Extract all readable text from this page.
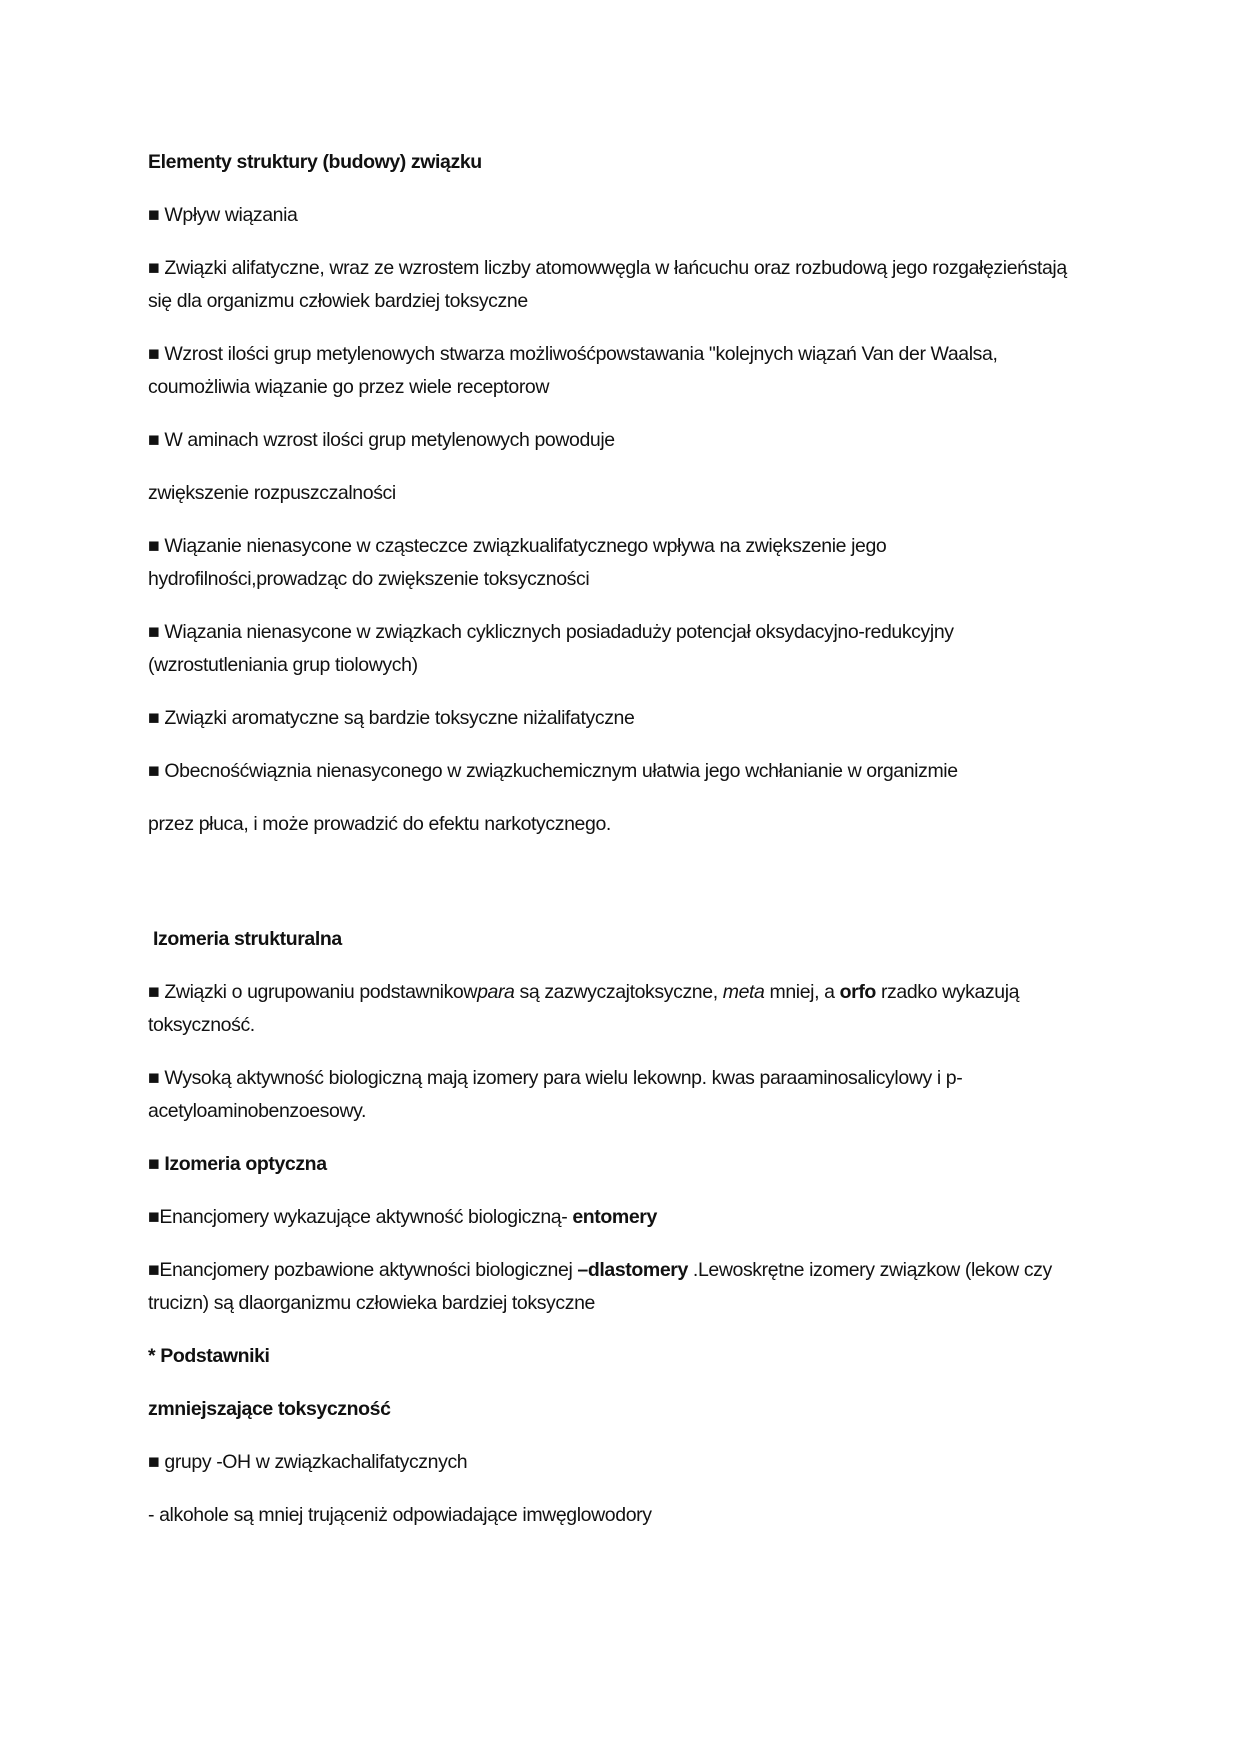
Elementy struktury (budowy) związku

■ Wpływ wiązania

■ Związki alifatyczne, wraz ze wzrostem liczby atomowwęgla w łańcuchu oraz rozbudową jego rozgałęzieństają się dla organizmu człowiek bardziej toksyczne

■ Wzrost ilości grup metylenowych stwarza możliwośćpowstawania "kolejnych wiązań Van der Waalsa, coumożliwia wiązanie go przez wiele receptorow

■ W aminach wzrost ilości grup metylenowych powoduje

zwiększenie rozpuszczalności

■ Wiązanie nienasycone w cząsteczce związkualifatycznego wpływa na zwiększenie jego hydrofilności,prowadząc do zwiększenie toksyczności

■ Wiązania nienasycone w związkach cyklicznych posiadadużу potencjał oksydacyjno-redukcyjny (wzrostutleniania grup tiolowych)

■ Związki aromatyczne są bardzie toksyczne niżalifatyczne

■ Obecnośćwiąznia nienasyconego w związkuchemicznym ułatwia jego wchłanianie w organizmie

przez płuca, i może prowadzić do efektu narkotycznego.

Izomeria strukturalna

■ Związki o ugrupowaniu podstawnikowpara są zazwyczajtoksyczne, meta mniej, a orfo rzadko wykazują toksyczność.

■ Wysoką aktywność biologiczną mają izomery para wielu lekownp. kwas paraaminosalicylowy i p-acetyloaminobenzoesowy.

■ Izomeria optyczna

■Enancjomery wykazujące aktywność biologiczną- entomery

■Enancjomery pozbawione aktywności biologicznej –dlastomery .Lewoskrętne izomery związkow (lekow czy trucizn) są dlaorganizmu człowieka bardziej toksyczne

* Podstawniki

zmniejszające toksyczność

■ grupy -OH w związkachalifatycznych

- alkohole są mniej trującеniż odpowiadające imwęglowodory
